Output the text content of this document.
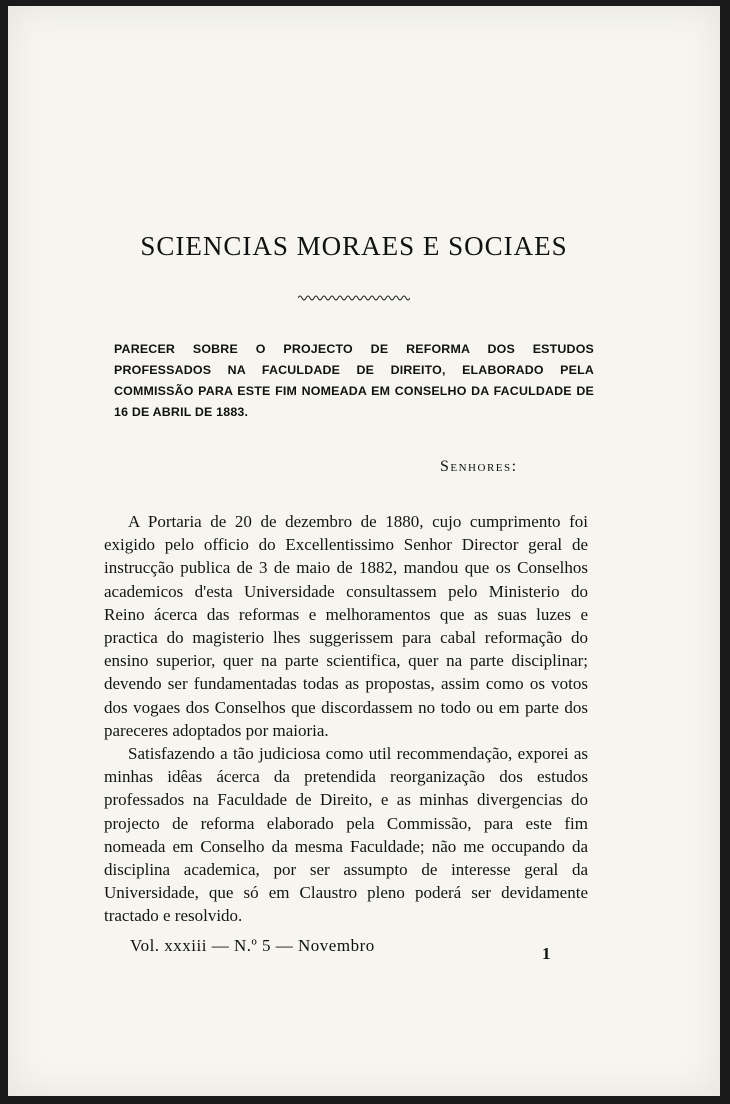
SCIENCIAS MORAES E SOCIAES

PARECER SOBRE O PROJECTO DE REFORMA DOS ESTUDOS PROFESSADOS NA FACULDADE DE DIREITO, ELABORADO PELA COMMISSÃO PARA ESTE FIM NOMEADA EM CONSELHO DA FACULDADE DE 16 DE ABRIL DE 1883.

Senhores:

A Portaria de 20 de dezembro de 1880, cujo cumprimento foi exigido pelo officio do Excellentissimo Senhor Director geral de instrucção publica de 3 de maio de 1882, mandou que os Conselhos academicos d'esta Universidade consultassem pelo Ministerio do Reino ácerca das reformas e melhoramentos que as suas luzes e practica do magisterio lhes suggerissem para cabal reformação do ensino superior, quer na parte scientifica, quer na parte disciplinar; devendo ser fundamentadas todas as propostas, assim como os votos dos vogaes dos Conselhos que discordassem no todo ou em parte dos pareceres adoptados por maioria.

Satisfazendo a tão judiciosa como util recommendação, exporei as minhas idêas ácerca da pretendida reorganização dos estudos professados na Faculdade de Direito, e as minhas divergencias do projecto de reforma elaborado pela Commissão, para este fim nomeada em Conselho da mesma Faculdade; não me occupando da disciplina academica, por ser assumpto de interesse geral da Universidade, que só em Claustro pleno poderá ser devidamente tractado e resolvido.

Vol. xxxiii — N.º 5 — Novembro	1
